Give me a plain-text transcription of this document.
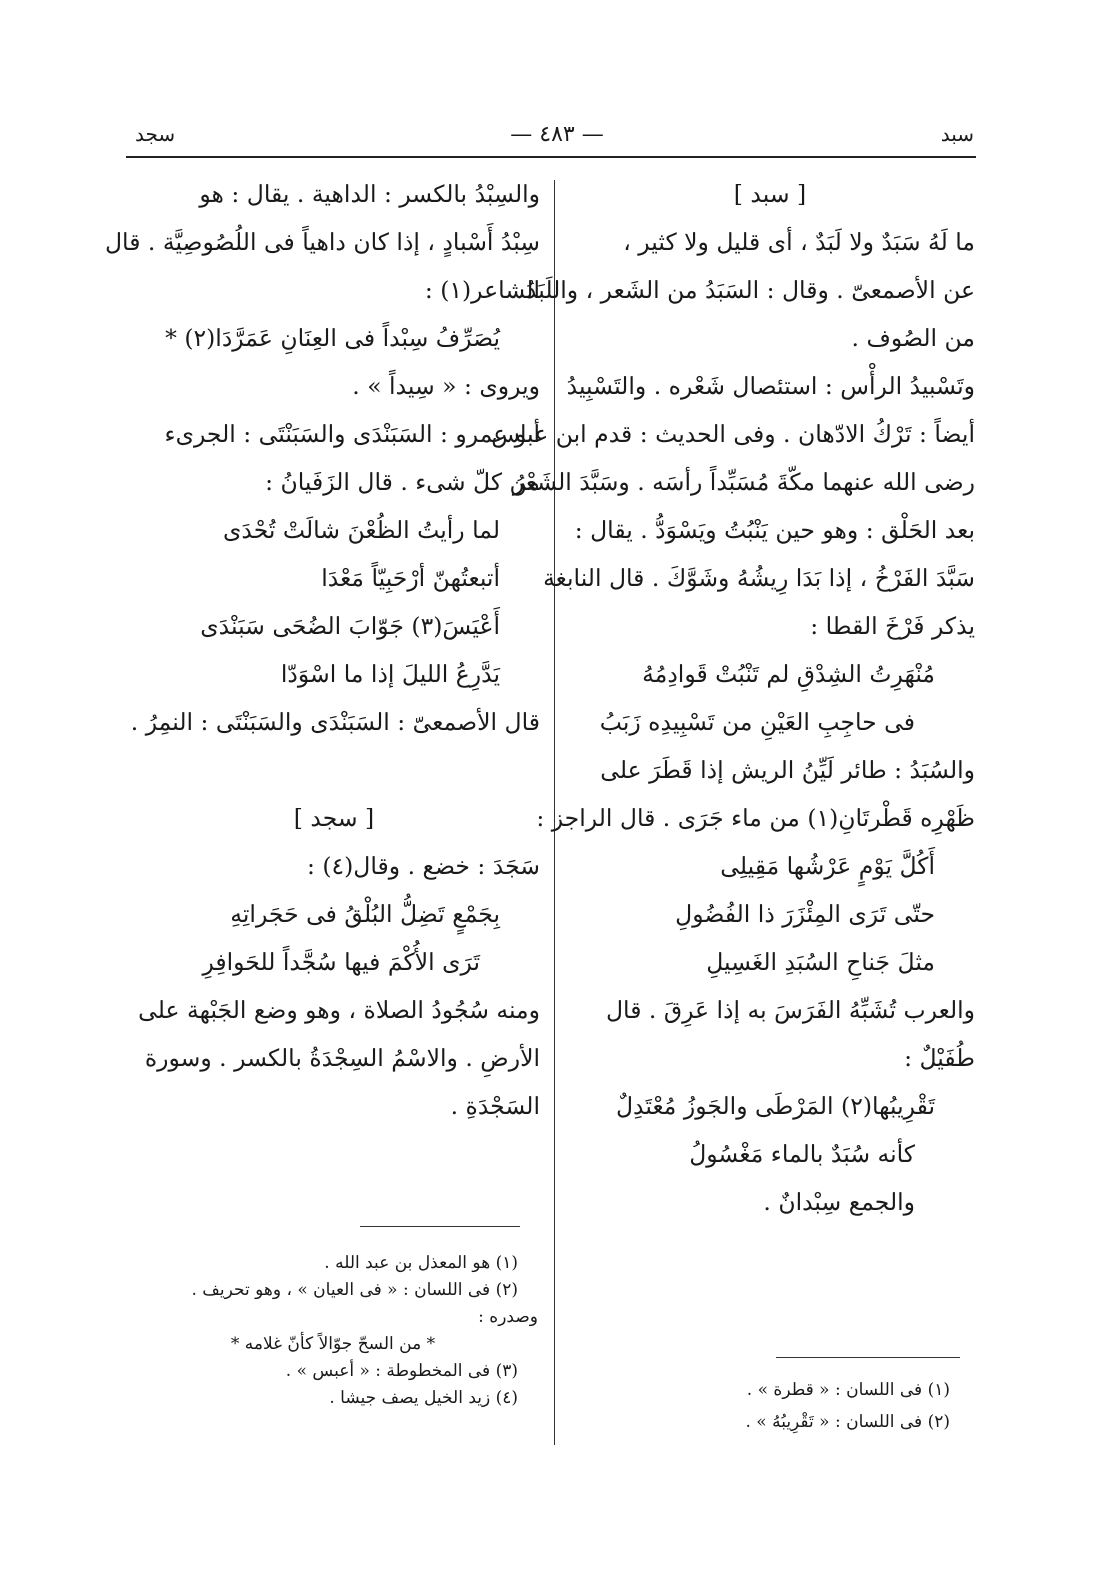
— ٤٨٣ —
سجد	سبد
[ سبد ]
ما لَهُ سَبَدٌ ولا لَبَدٌ ، أى قليل ولا كثير ،
عن الأصمعىّ . وقال : السَبَدُ من الشَعر ، واللَبَدُ
من الصُوف .
وتَسْبيدُ الرأْس : استئصال شَعْره . والتَسْبِيدُ
أيضاً : تَرْكُ الادّهان . وفى الحديث : قدم ابن عباس
رضى الله عنهما مكّةَ مُسَبِّداً رأسَه . وسَبَّدَ الشَعْرُ
بعد الحَلْق : وهو حين يَنْبُتُ ويَسْوَدُّ . يقال :
سَبَّدَ الفَرْخُ ، إذا بَدَا رِيشُهُ وشَوَّكَ . قال النابغة
يذكر فَرْخَ القطا :
مُنْهَرِتُ الشِدْقِ لم تَنْبُتْ قَوادِمُهُ
فى حاجِبِ العَيْنِ من تَسْبِيدِه زَبَبُ
والسُبَدُ : طائر لَيِّنُ الريش إذا قَطَرَ على
ظَهْرِه قَطْرتَانِ(١) من ماء جَرَى . قال الراجز :
أَكُلَّ يَوْمٍ عَرْشُها مَقِيلِى
حتّى تَرَى المِئْزَرَ ذا الفُضُولِ
مثلَ جَناحِ السُبَدِ الغَسِيلِ
والعرب تُشَبِّهُ الفَرَسَ به إذا عَرِقَ . قال
طُفَيْلٌ :
تَقْرِيبُها(٢) المَرْطَى والجَوزُ مُعْتَدِلٌ
كأنه سُبَدٌ بالماء مَغْسُولُ
والجمع سِبْدانٌ .
(١) فى اللسان : « قطرة » .
(٢) فى اللسان : « تَقْرِيبُهُ » .
والسِبْدُ بالكسر : الداهية . يقال : هو
سِبْدُ أَسْبادٍ ، إذا كان داهياً فى اللُصُوصِيَّة . قال
الشاعر(١) :
يُصَرِّفُ سِبْداً فى العِنَانِ عَمَرَّدَا(٢) *
ويروى : « سِيداً » .
أبو عمرو : السَبَنْدَى والسَبَنْتَى : الجرىء
من كلّ شىء . قال الزَفَيانُ :
لما رأيتُ الظُعْنَ شالَتْ تُحْدَى
أتبعتُهنّ أرْحَبِيّاً مَعْدَا
أَعْيَسَ(٣) جَوّابَ الضُحَى سَبَنْدَى
يَدَّرِعُ الليلَ إذا ما اسْوَدّا
قال الأصمعىّ : السَبَنْدَى والسَبَنْتَى : النمِرُ .
[ سجد ]
سَجَدَ : خضع . وقال(٤) :
بِجَمْعٍ تَضِلُّ البُلْقُ فى حَجَراتِهِ
تَرَى الأُكْمَ فيها سُجَّداً للحَوافِرِ
ومنه سُجُودُ الصلاة ، وهو وضع الجَبْهة على
الأرضِ . والاسْمُ السِجْدَةُ بالكسر . وسورة
السَجْدَةِ .
(١) هو المعذل بن عبد الله .
(٢) فى اللسان : « فى العيان » ، وهو تحريف .
وصدره :
* من السحّ جوّالاً كأنّ غلامه *
(٣) فى المخطوطة : « أعبس » .
(٤) زيد الخيل يصف جيشا .
